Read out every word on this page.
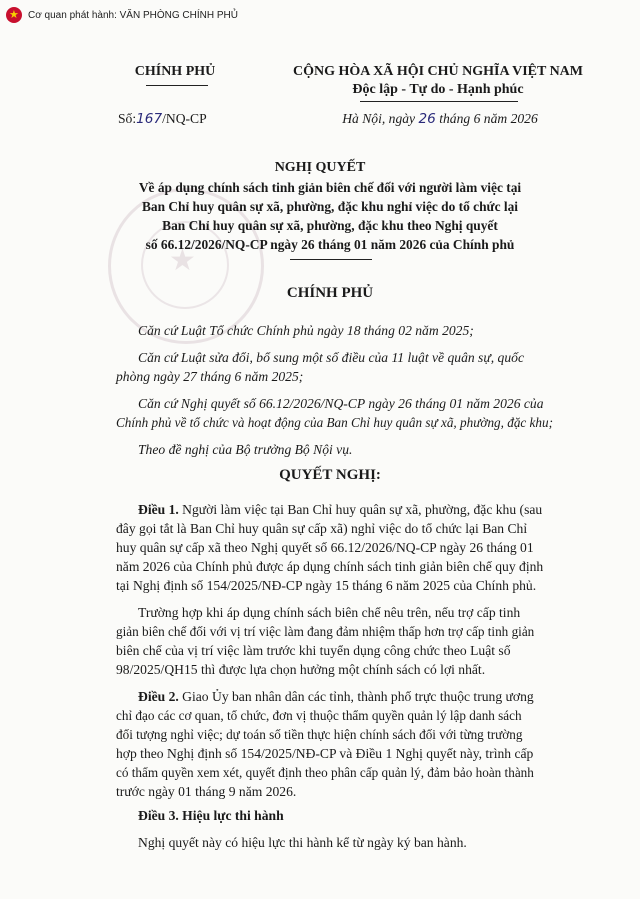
★
Cơ quan phát hành: VĂN PHÒNG CHÍNH PHỦ
★
CHÍNH PHỦ
Số:167/NQ-CP
CỘNG HÒA XÃ HỘI CHỦ NGHĨA VIỆT NAM
Độc lập - Tự do - Hạnh phúc
Hà Nội, ngày 26 tháng 6 năm 2026
NGHỊ QUYẾT
Về áp dụng chính sách tinh giản biên chế đối với người làm việc tại
Ban Chỉ huy quân sự xã, phường, đặc khu nghỉ việc do tổ chức lại
Ban Chỉ huy quân sự xã, phường, đặc khu theo Nghị quyết
số 66.12/2026/NQ-CP ngày 26 tháng 01 năm 2026 của Chính phủ
CHÍNH PHỦ
Căn cứ Luật Tổ chức Chính phủ ngày 18 tháng 02 năm 2025;
Căn cứ Luật sửa đổi, bổ sung một số điều của 11 luật về quân sự, quốc
phòng ngày 27 tháng 6 năm 2025;
Căn cứ Nghị quyết số 66.12/2026/NQ-CP ngày 26 tháng 01 năm 2026 của
Chính phủ về tổ chức và hoạt động của Ban Chỉ huy quân sự xã, phường, đặc khu;
Theo đề nghị của Bộ trưởng Bộ Nội vụ.
QUYẾT NGHỊ:
Điều 1. Người làm việc tại Ban Chỉ huy quân sự xã, phường, đặc khu (sau
đây gọi tắt là Ban Chỉ huy quân sự cấp xã) nghỉ việc do tổ chức lại Ban Chỉ
huy quân sự cấp xã theo Nghị quyết số 66.12/2026/NQ-CP ngày 26 tháng 01
năm 2026 của Chính phủ được áp dụng chính sách tinh giản biên chế quy định
tại Nghị định số 154/2025/NĐ-CP ngày 15 tháng 6 năm 2025 của Chính phủ.
Trường hợp khi áp dụng chính sách biên chế nêu trên, nếu trợ cấp tinh
giản biên chế đối với vị trí việc làm đang đảm nhiệm thấp hơn trợ cấp tinh giản
biên chế của vị trí việc làm trước khi tuyển dụng công chức theo Luật số
98/2025/QH15 thì được lựa chọn hưởng một chính sách có lợi nhất.
Điều 2. Giao Ủy ban nhân dân các tỉnh, thành phố trực thuộc trung ương
chỉ đạo các cơ quan, tổ chức, đơn vị thuộc thẩm quyền quản lý lập danh sách
đối tượng nghỉ việc; dự toán số tiền thực hiện chính sách đối với từng trường
hợp theo Nghị định số 154/2025/NĐ-CP và Điều 1 Nghị quyết này, trình cấp
có thẩm quyền xem xét, quyết định theo phân cấp quản lý, đảm bảo hoàn thành
trước ngày 01 tháng 9 năm 2026.
Điều 3. Hiệu lực thi hành
Nghị quyết này có hiệu lực thi hành kể từ ngày ký ban hành.
